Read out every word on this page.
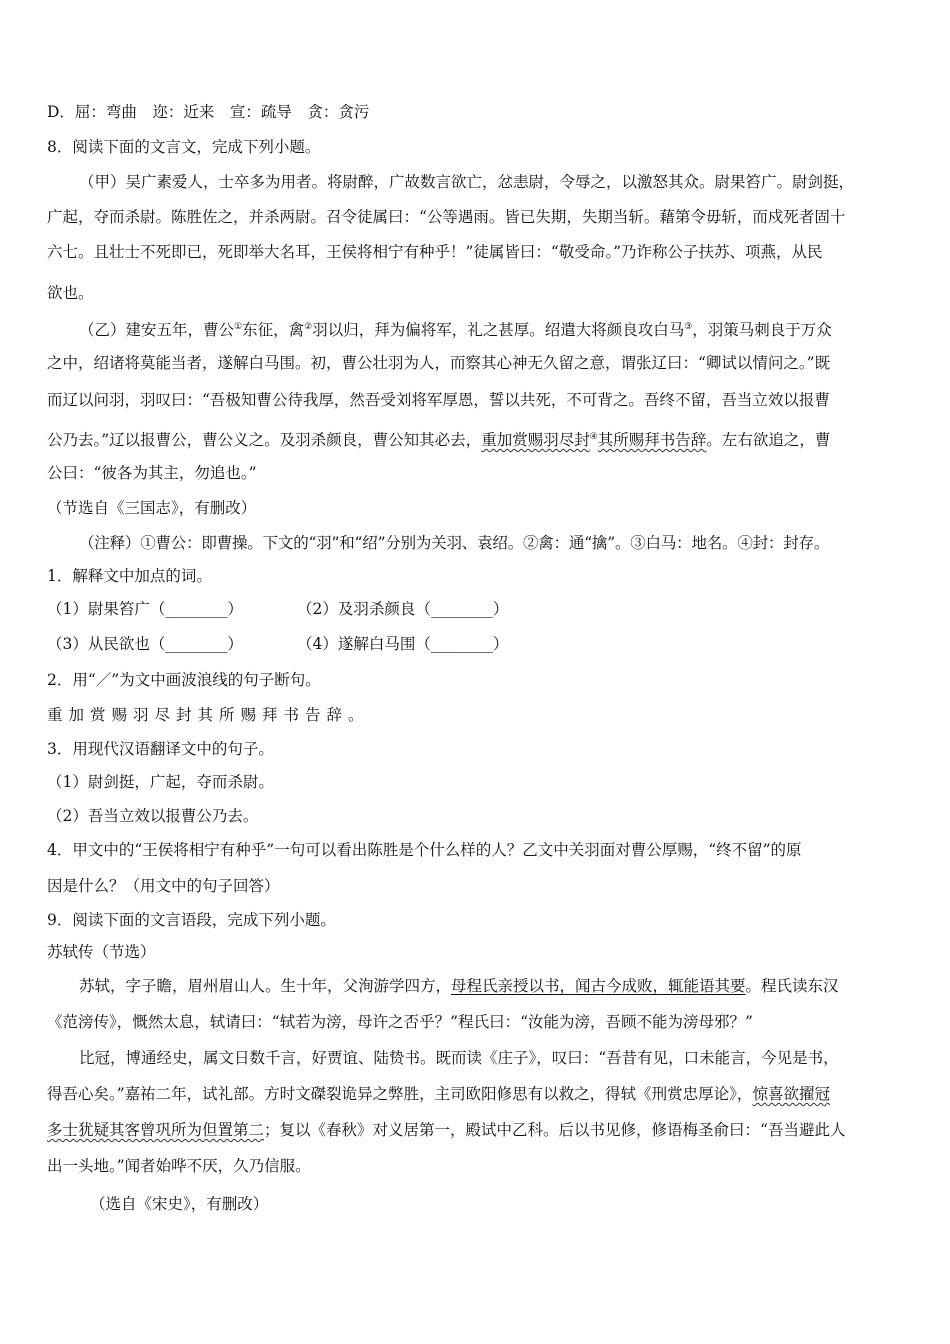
D．屈：弯曲　迩：近来　宣：疏导　贪：贪污
8．阅读下面的文言文，完成下列小题。
（甲）吴广素爱人，士卒多为用者。将尉醉，广故数言欲亡，忿恚尉，令辱之，以激怒其众。尉果笞广。尉剑挺，
广起，夺而杀尉。陈胜佐之，并杀两尉。召令徒属曰：“公等遇雨。皆已失期，失期当斩。藉第令毋斩，而戍死者固十
六七。且壮士不死即已，死即举大名耳，王侯将相宁有种乎！”徒属皆曰：“敬受命。”乃诈称公子扶苏、项燕，从民
欲也。
（乙）建安五年，曹公①东征，禽②羽以归，拜为偏将军，礼之甚厚。绍遣大将颜良攻白马③，羽策马刺良于万众
之中，绍诸将莫能当者，遂解白马围。初，曹公壮羽为人，而察其心神无久留之意，谓张辽曰：“卿试以情问之。”既
而辽以问羽，羽叹曰：“吾极知曹公待我厚，然吾受刘将军厚恩，誓以共死，不可背之。吾终不留，吾当立效以报曹
公乃去。”辽以报曹公，曹公义之。及羽杀颜良，曹公知其必去，重加赏赐羽尽封④其所赐拜书告辞。左右欲追之，曹
公曰：“彼各为其主，勿追也。”
（节选自《三国志》，有删改）
（注释）①曹公：即曹操。下文的“羽”和“绍”分别为关羽、袁绍。②禽：通“擒”。③白马：地名。④封：封存。
1．解释文中加点的词。
（1）尉果笞广（________）	（2）及羽杀颜良（________）
（3）从民欲也（________）	（4）遂解白马围（________）
2．用“／”为文中画波浪线的句子断句。
重加赏赐羽尽封其所赐拜书告辞。
3．用现代汉语翻译文中的句子。
（1）尉剑挺，广起，夺而杀尉。
（2）吾当立效以报曹公乃去。
4．甲文中的“王侯将相宁有种乎”一句可以看出陈胜是个什么样的人？乙文中关羽面对曹公厚赐，“终不留”的原
因是什么？（用文中的句子回答）
9．阅读下面的文言语段，完成下列小题。
苏轼传（节选）
苏轼，字子瞻，眉州眉山人。生十年，父洵游学四方，母程氏亲授以书，闻古今成败，辄能语其要。程氏读东汉
《范滂传》，慨然太息，轼请曰：“轼若为滂，母许之否乎？”程氏曰：“汝能为滂，吾顾不能为滂母邪？”
比冠，博通经史，属文日数千言，好贾谊、陆贽书。既而读《庄子》，叹曰：“吾昔有见，口未能言，今见是书，
得吾心矣。”嘉祐二年，试礼部。方时文磔裂诡异之弊胜，主司欧阳修思有以救之，得轼《刑赏忠厚论》，惊喜欲擢冠
多士犹疑其客曾巩所为但置第二；复以《春秋》对义居第一，殿试中乙科。后以书见修，修语梅圣俞曰：“吾当避此人
出一头地。”闻者始哗不厌，久乃信服。
（选自《宋史》，有删改）
